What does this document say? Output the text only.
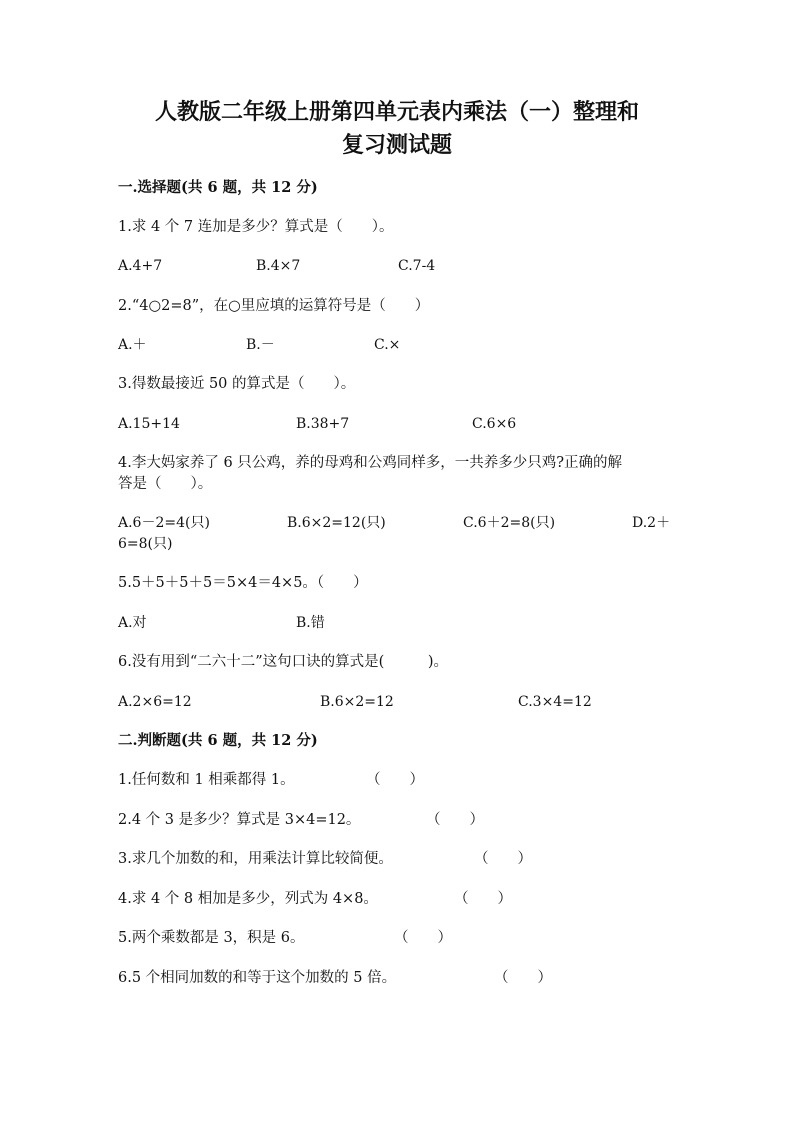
人教版二年级上册第四单元表内乘法（一）整理和
复习测试题
一.选择题(共 6 题，共 12 分)
1.求 4 个 7 连加是多少？算式是（　　）。
A.4+7	B.4×7	C.7-4
2.“4○2=8”，在○里应填的运算符号是（　　）
A.＋	B.－	C.×
3.得数最接近 50 的算式是（　　）。
A.15+14	B.38+7	C.6×6
4.李大妈家养了 6 只公鸡，养的母鸡和公鸡同样多，一共养多少只鸡?正确的解
答是（　　）。
A.6－2=4(只)	B.6×2=12(只)	C.6＋2=8(只)	D.2＋
6=8(只)
5.5＋5＋5＋5＝5×4＝4×5。（　　）
A.对	B.错
6.没有用到“二六十二”这句口诀的算式是(　　　)。
A.2×6=12	B.6×2=12	C.3×4=12
二.判断题(共 6 题，共 12 分)
1.任何数和 1 相乘都得 1。	（　　）
2.4 个 3 是多少？算式是 3×4=12。	（　　）
3.求几个加数的和，用乘法计算比较简便。	（　　）
4.求 4 个 8 相加是多少，列式为 4×8。	（　　）
5.两个乘数都是 3，积是 6。	（　　）
6.5 个相同加数的和等于这个加数的 5 倍。	（　　）
